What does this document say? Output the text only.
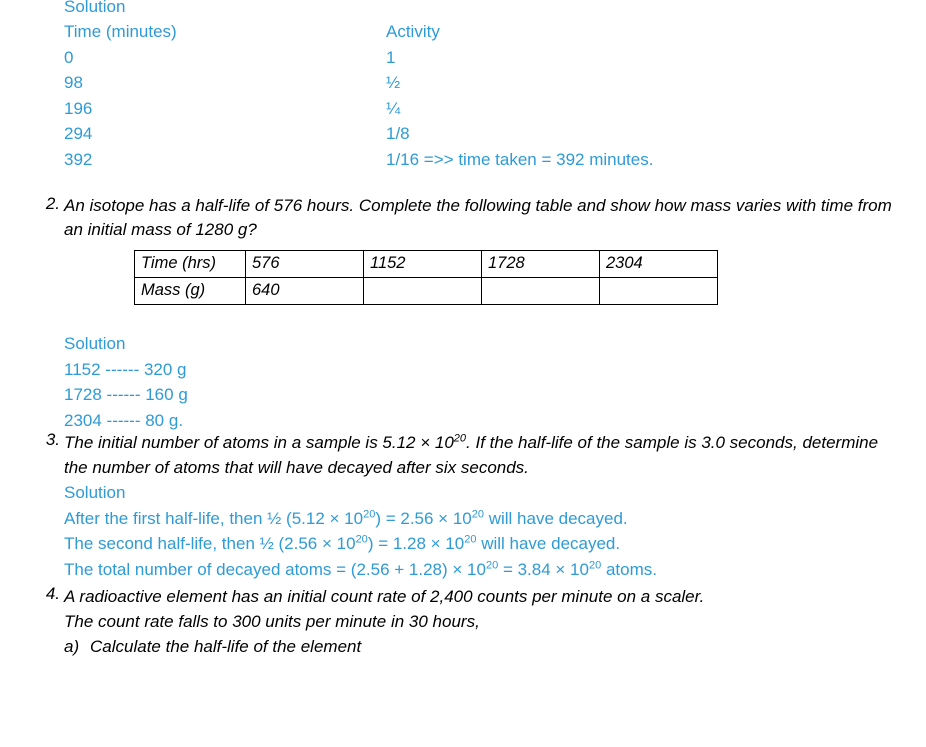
Solution
Time (minutes)	Activity
0	1
98	½
196	¼
294	1/8
392	1/16 =>> time taken = 392 minutes.
2. An isotope has a half-life of 576 hours. Complete the following table and show how mass varies with time from an initial mass of 1280 g?
Time (hrs)	576	1152	1728	2304
Mass (g)	640			
Solution
1152 ------ 320 g
1728 ------ 160 g
2304 ------ 80 g.
3. The initial number of atoms in a sample is $5.12 \times 10^{20}$. If the half-life of the sample is 3.0 seconds, determine the number of atoms that will have decayed after six seconds.
Solution
After the first half-life, then ½ $(5.12 \times 10^{20}) = 2.56 \times 10^{20}$ will have decayed.
The second half-life, then ½ $(2.56 \times 10^{20}) = 1.28 \times 10^{20}$ will have decayed.
The total number of decayed atoms = $(2.56 + 1.28) \times 10^{20} = 3.84 \times 10^{20}$ atoms.
4. A radioactive element has an initial count rate of 2,400 counts per minute on a scaler.
The count rate falls to 300 units per minute in 30 hours,
a) Calculate the half-life of the element
